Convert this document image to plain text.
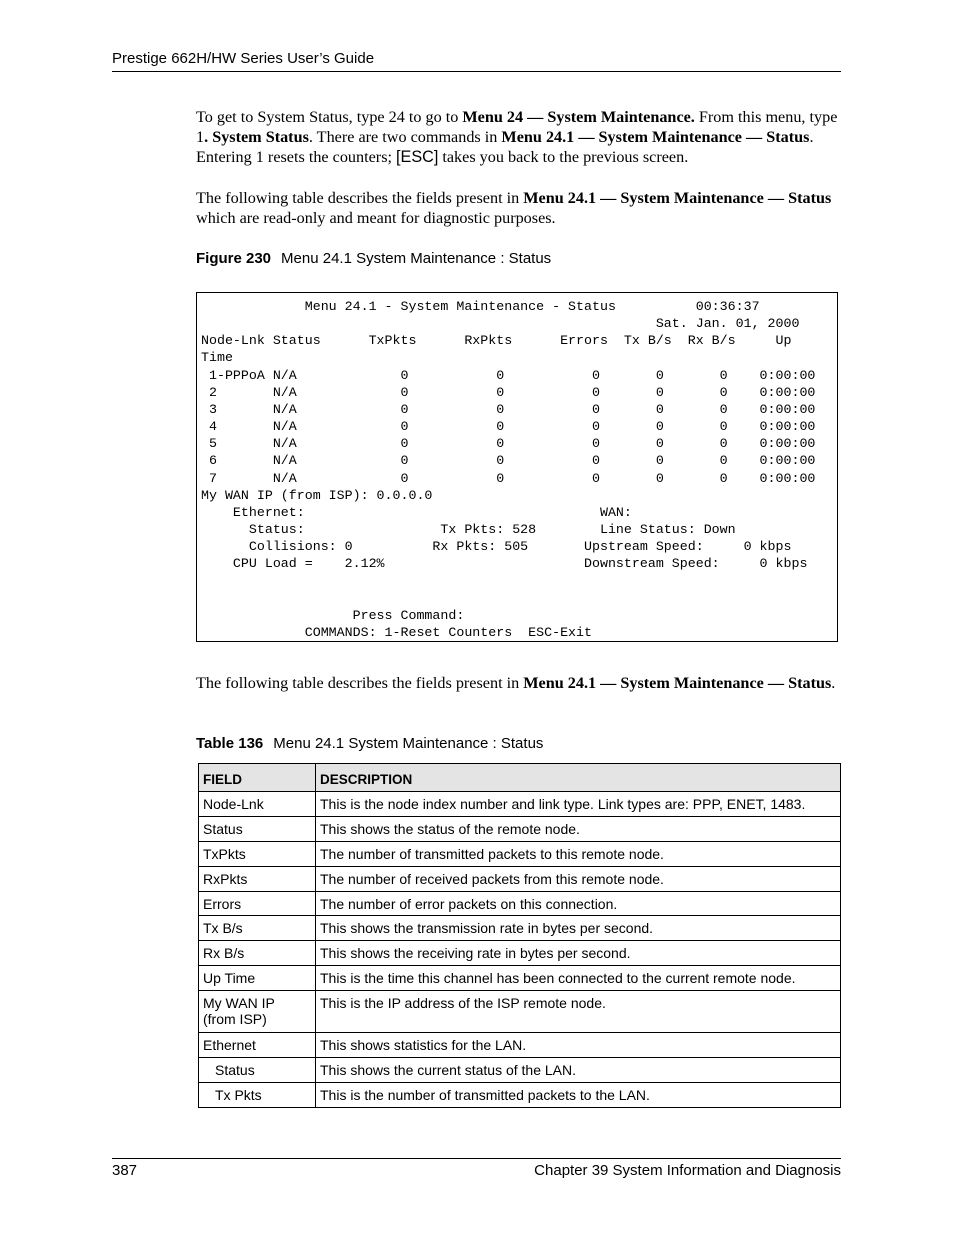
Prestige 662H/HW Series User’s Guide
To get to System Status, type 24 to go to Menu 24 — System Maintenance. From this menu, type 1. System Status. There are two commands in Menu 24.1 — System Maintenance — Status. Entering 1 resets the counters; [ESC] takes you back to the previous screen.
The following table describes the fields present in Menu 24.1 — System Maintenance — Status which are read-only and meant for diagnostic purposes.
Figure 230 Menu 24.1 System Maintenance : Status
Menu 24.1 - System Maintenance - Status          00:36:37
Sat. Jan. 01, 2000
Node-Lnk Status      TxPkts      RxPkts      Errors  Tx B/s  Rx B/s     Up
Time
1-PPPoA N/A             0           0           0       0       0    0:00:00
2       N/A             0           0           0       0       0    0:00:00
3       N/A             0           0           0       0       0    0:00:00
4       N/A             0           0           0       0       0    0:00:00
5       N/A             0           0           0       0       0    0:00:00
6       N/A             0           0           0       0       0    0:00:00
7       N/A             0           0           0       0       0    0:00:00
My WAN IP (from ISP): 0.0.0.0
Ethernet:                                     WAN:
Status:                 Tx Pkts: 528        Line Status: Down
Collisions: 0          Rx Pkts: 505       Upstream Speed:     0 kbps
CPU Load =    2.12%                         Downstream Speed:     0 kbps

Press Command:
COMMANDS: 1-Reset Counters  ESC-Exit
The following table describes the fields present in Menu 24.1 — System Maintenance — Status.
Table 136 Menu 24.1 System Maintenance : Status
FIELD	DESCRIPTION
Node-Lnk	This is the node index number and link type. Link types are: PPP, ENET, 1483.
Status	This shows the status of the remote node.
TxPkts	The number of transmitted packets to this remote node.
RxPkts	The number of received packets from this remote node.
Errors	The number of error packets on this connection.
Tx B/s	This shows the transmission rate in bytes per second.
Rx B/s	This shows the receiving rate in bytes per second.
Up Time	This is the time this channel has been connected to the current remote node.
My WAN IP (from ISP)	This is the IP address of the ISP remote node.
Ethernet	This shows statistics for the LAN.
Status	This shows the current status of the LAN.
Tx Pkts	This is the number of transmitted packets to the LAN.
387	Chapter 39 System Information and Diagnosis
